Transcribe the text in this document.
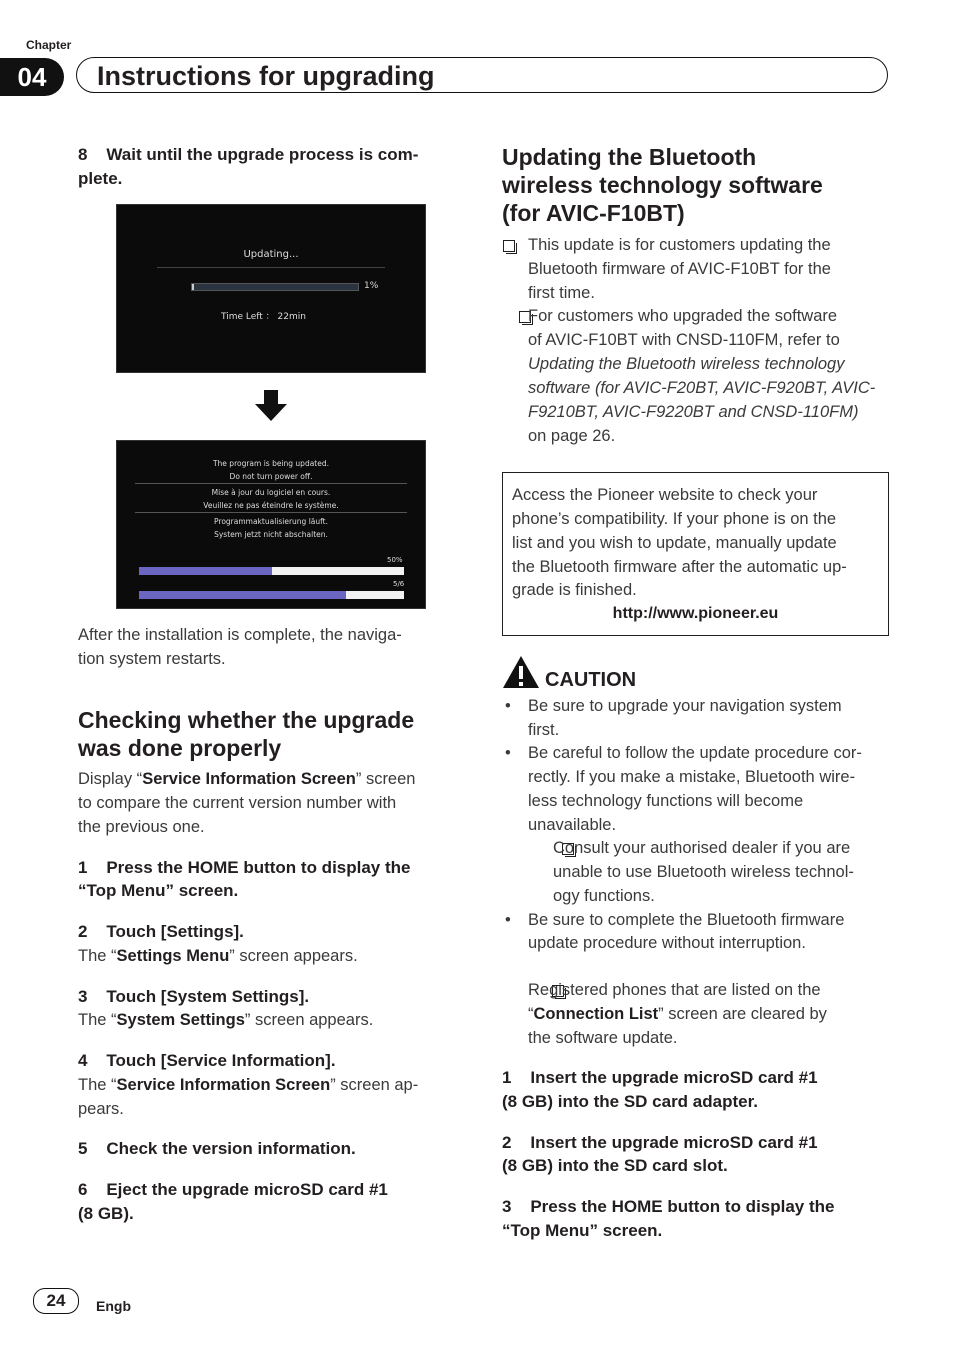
Chapter
04	Instructions for upgrading
8    Wait until the upgrade process is com-
plete.
Updating...
1%
Time Left ： 22min
The program is being updated.
Do not turn power off.
Mise à jour du logiciel en cours.
Veuillez ne pas éteindre le système.
Programmaktualisierung läuft.
System jetzt nicht abschalten.
50%
5/6
After the installation is complete, the naviga-
tion system restarts.
Checking whether the upgrade
was done properly
Display “Service Information Screen” screen
to compare the current version number with
the previous one.
1    Press the HOME button to display the
“Top Menu” screen.
2    Touch [Settings].
The “Settings Menu” screen appears.
3    Touch [System Settings].
The “System Settings” screen appears.
4    Touch [Service Information].
The “Service Information Screen” screen ap-
pears.
5    Check the version information.
6    Eject the upgrade microSD card #1
(8 GB).
Updating the Bluetooth
wireless technology software
(for AVIC-F10BT)

This update is for customers updating the
Bluetooth firmware of AVIC-F10BT for the
first time.

For customers who upgraded the software
of AVIC-F10BT with CNSD-110FM, refer to
Updating the Bluetooth wireless technology
software (for AVIC-F20BT, AVIC-F920BT, AVIC-
F9210BT, AVIC-F9220BT and CNSD-110FM)
on page 26.
Access the Pioneer website to check your
phone’s compatibility. If your phone is on the
list and you wish to update, manually update
the Bluetooth firmware after the automatic up-
grade is finished.
http://www.pioneer.eu
CAUTION
• Be sure to upgrade your navigation system
first.
• Be careful to follow the update procedure cor-
rectly. If you make a mistake, Bluetooth wire-
less technology functions will become
unavailable.

Consult your authorised dealer if you are
unable to use Bluetooth wireless technol-
ogy functions.
• Be sure to complete the Bluetooth firmware
update procedure without interruption.
Registered phones that are listed on the
“Connection List” screen are cleared by
the software update.
1    Insert the upgrade microSD card #1
(8 GB) into the SD card adapter.
2    Insert the upgrade microSD card #1
(8 GB) into the SD card slot.
3    Press the HOME button to display the
“Top Menu” screen.
24	Engb
